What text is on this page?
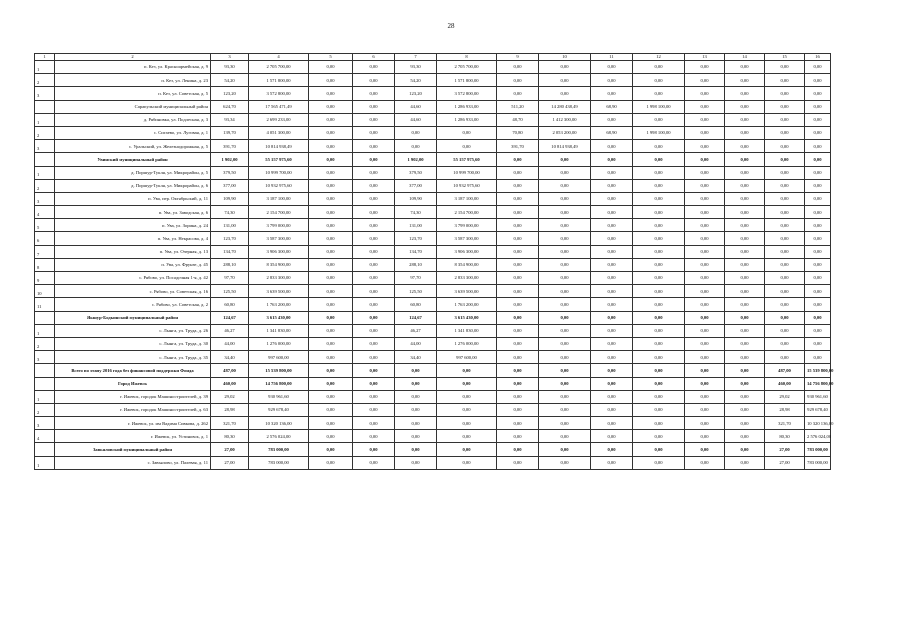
28
1	2	3	4	5	6	7	8	9	10	11	12	13	14	15	16
1	п. Кез, ул. Красноармейская, д. 9	93,30	2 705 700,00	0,00	0,00	93,30	2 705 700,00	0,00	0,00	0,00	0,00	0,00	0,00	0,00	0,00
2	п. Кез, ул. Ленина, д. 23	54,20	1 571 800,00	0,00	0,00	54,20	1 571 800,00	0,00	0,00	0,00	0,00	0,00	0,00	0,00	0,00
3	п. Кез, ул. Советская, д. 5	123,20	3 572 800,00	0,00	0,00	123,20	3 572 800,00	0,00	0,00	0,00	0,00	0,00	0,00	0,00	0,00
	Сарапульский муниципальный район	624,70	17 565 471,49	0,00	0,00	44,60	1 286 933,00	511,20	14 280 438,49	68,90	1 998 100,00	0,00	0,00	0,00	0,00
1	д. Рябиновка, ул. Подлесная, д. 3	93,34	2 699 233,00	0,00	0,00	44,60	1 286 933,00	48,70	1 412 300,00	0,00	0,00	0,00	0,00	0,00	0,00
2	с. Сигаево, ул. Луговая, д. 1	139,70	4 051 300,00	0,00	0,00	0,00	0,00	70,80	2 053 200,00	68,90	1 998 100,00	0,00	0,00	0,00	0,00
3	с. Уральский, ул. Железнодорожная, д. 5	391,70	10 814 938,49	0,00	0,00	0,00	0,00	391,70	10 814 938,49	0,00	0,00	0,00	0,00	0,00	0,00
	Увинский муниципальный район	1 902,00	55 157 975,60	0,00	0,00	1 902,00	55 157 975,60	0,00	0,00	0,00	0,00	0,00	0,00	0,00	0,00
1	д. Поршур-Тукля, ул. Микрорайон, д. 5	379,50	10 999 700,00	0,00	0,00	379,50	10 999 700,00	0,00	0,00	0,00	0,00	0,00	0,00	0,00	0,00
2	д. Поршур-Тукля, ул. Микрорайон, д. 6	377,00	10 932 975,60	0,00	0,00	377,00	10 932 975,60	0,00	0,00	0,00	0,00	0,00	0,00	0,00	0,00
3	п. Ува, пер. Октябрьский, д. 11	109,90	3 187 100,00	0,00	0,00	109,90	3 187 100,00	0,00	0,00	0,00	0,00	0,00	0,00	0,00	0,00
4	п. Ува, ул. Заводская, д. 6	74,30	2 154 700,00	0,00	0,00	74,30	2 154 700,00	0,00	0,00	0,00	0,00	0,00	0,00	0,00	0,00
5	п. Ува, ул. Зорина, д. 24	131,00	3 799 000,00	0,00	0,00	131,00	3 799 000,00	0,00	0,00	0,00	0,00	0,00	0,00	0,00	0,00
6	п. Ува, ул. Некрасова, д. 4	123,70	3 587 300,00	0,00	0,00	123,70	3 587 300,00	0,00	0,00	0,00	0,00	0,00	0,00	0,00	0,00
7	п. Ува, ул. Озерная, д. 13	134,70	3 906 300,00	0,00	0,00	134,70	3 906 300,00	0,00	0,00	0,00	0,00	0,00	0,00	0,00	0,00
8	п. Ува, ул. Фрунзе, д. 45	288,10	8 354 900,00	0,00	0,00	288,10	8 354 900,00	0,00	0,00	0,00	0,00	0,00	0,00	0,00	0,00
9	с. Рябово, ул. Посадочная 1-я, д. 42	97,70	2 833 300,00	0,00	0,00	97,70	2 833 300,00	0,00	0,00	0,00	0,00	0,00	0,00	0,00	0,00
10	с. Рябово, ул. Советская, д. 16	125,50	3 639 500,00	0,00	0,00	125,50	3 639 500,00	0,00	0,00	0,00	0,00	0,00	0,00	0,00	0,00
11	с. Рябово, ул. Советская, д. 2	60,80	1 763 200,00	0,00	0,00	60,80	1 763 200,00	0,00	0,00	0,00	0,00	0,00	0,00	0,00	0,00
	Якшур-Бодьинский муниципальный район	124,67	3 615 430,00	0,00	0,00	124,67	3 615 430,00	0,00	0,00	0,00	0,00	0,00	0,00	0,00	0,00
1	с. Лынга, ул. Труда, д. 26	46,27	1 341 830,00	0,00	0,00	46,27	1 341 830,00	0,00	0,00	0,00	0,00	0,00	0,00	0,00	0,00
2	с. Лынга, ул. Труда, д. 30	44,00	1 276 000,00	0,00	0,00	44,00	1 276 000,00	0,00	0,00	0,00	0,00	0,00	0,00	0,00	0,00
3	с. Лынга, ул. Труда, д. 35	34,40	997 600,00	0,00	0,00	34,40	997 600,00	0,00	0,00	0,00	0,00	0,00	0,00	0,00	0,00
	Всего по этапу 2016 года без финансовой поддержки Фонда	487,00	15 539 800,00	0,00	0,00	0,00	0,00	0,00	0,00	0,00	0,00	0,00	0,00	487,00	15 539 800,00
	Город Ижевск	460,00	14 756 800,00	0,00	0,00	0,00	0,00	0,00	0,00	0,00	0,00	0,00	0,00	460,00	14 756 800,00
1	г. Ижевск, городок Машиностроителей, д. 39	29,02	930 961,60	0,00	0,00	0,00	0,00	0,00	0,00	0,00	0,00	0,00	0,00	29,02	930 961,60
2	г. Ижевск, городок Машиностроителей, д. 63	28,98	929 678,40	0,00	0,00	0,00	0,00	0,00	0,00	0,00	0,00	0,00	0,00	28,98	929 678,40
3	г. Ижевск, ул. им Вадима Сивкова, д. 262	321,70	10 320 136,00	0,00	0,00	0,00	0,00	0,00	0,00	0,00	0,00	0,00	0,00	321,70	10 320 136,00
4	г. Ижевск, ул. Устиновск, д. 1	80,30	2 576 024,00	0,00	0,00	0,00	0,00	0,00	0,00	0,00	0,00	0,00	0,00	80,30	2 576 024,00
	Завьяловский муниципальный район	27,00	783 000,00	0,00	0,00	0,00	0,00	0,00	0,00	0,00	0,00	0,00	0,00	27,00	783 000,00
1	с. Завьялово, ул. Палевая, д. 11	27,00	783 000,00	0,00	0,00	0,00	0,00	0,00	0,00	0,00	0,00	0,00	0,00	27,00	783 000,00
